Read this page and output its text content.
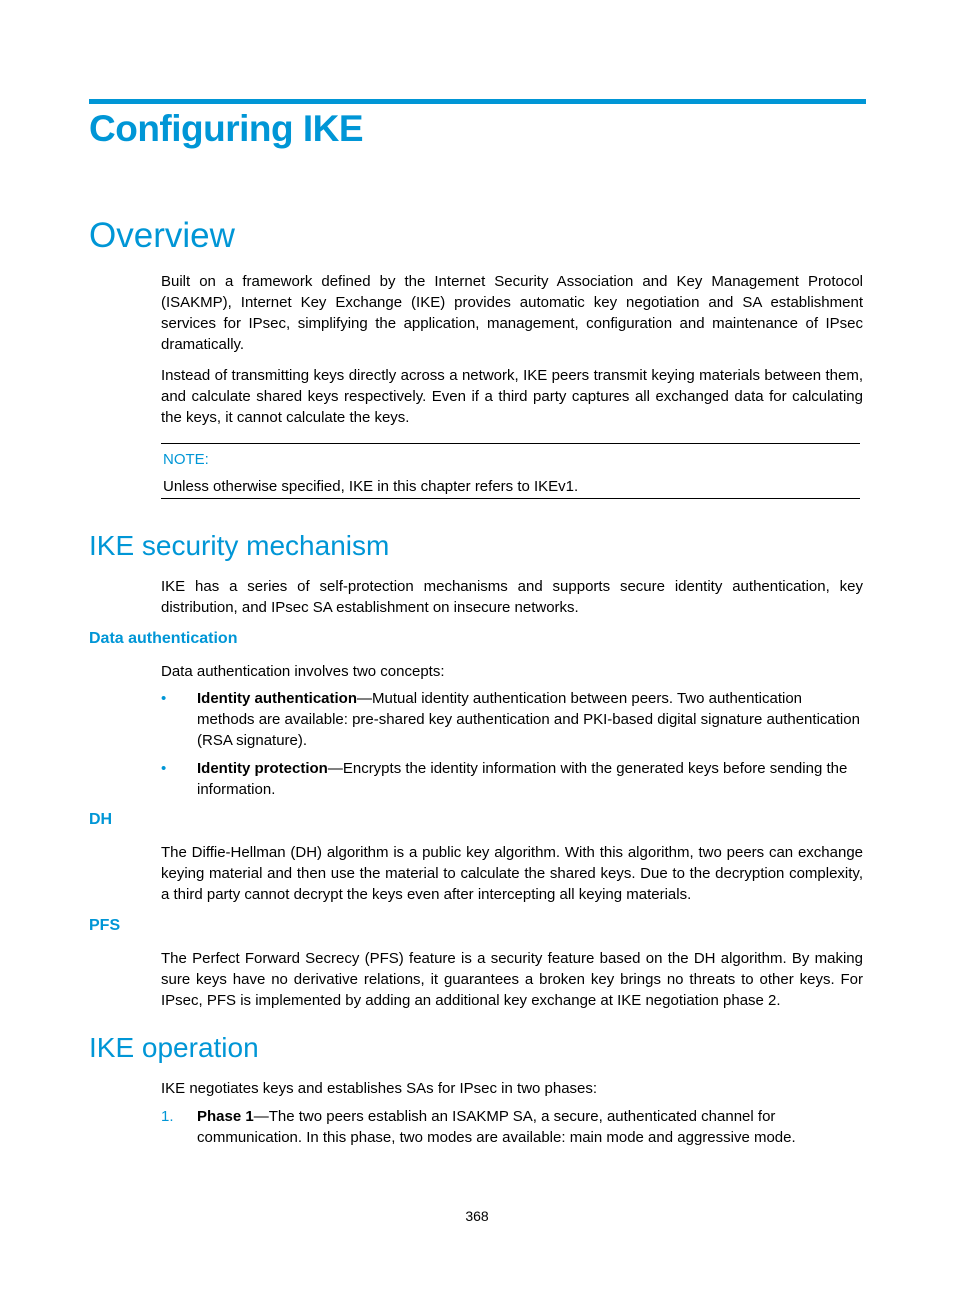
Configuring IKE
Overview
Built on a framework defined by the Internet Security Association and Key Management Protocol (ISAKMP), Internet Key Exchange (IKE) provides automatic key negotiation and SA establishment services for IPsec, simplifying the application, management, configuration and maintenance of IPsec dramatically.
Instead of transmitting keys directly across a network, IKE peers transmit keying materials between them, and calculate shared keys respectively. Even if a third party captures all exchanged data for calculating the keys, it cannot calculate the keys.
NOTE:
Unless otherwise specified, IKE in this chapter refers to IKEv1.
IKE security mechanism
IKE has a series of self-protection mechanisms and supports secure identity authentication, key distribution, and IPsec SA establishment on insecure networks.
Data authentication
Data authentication involves two concepts:
• Identity authentication—Mutual identity authentication between peers. Two authentication methods are available: pre-shared key authentication and PKI-based digital signature authentication (RSA signature).
• Identity protection—Encrypts the identity information with the generated keys before sending the information.
DH
The Diffie-Hellman (DH) algorithm is a public key algorithm. With this algorithm, two peers can exchange keying material and then use the material to calculate the shared keys. Due to the decryption complexity, a third party cannot decrypt the keys even after intercepting all keying materials.
PFS
The Perfect Forward Secrecy (PFS) feature is a security feature based on the DH algorithm. By making sure keys have no derivative relations, it guarantees a broken key brings no threats to other keys. For IPsec, PFS is implemented by adding an additional key exchange at IKE negotiation phase 2.
IKE operation
IKE negotiates keys and establishes SAs for IPsec in two phases:
1. Phase 1—The two peers establish an ISAKMP SA, a secure, authenticated channel for communication. In this phase, two modes are available: main mode and aggressive mode.
368
